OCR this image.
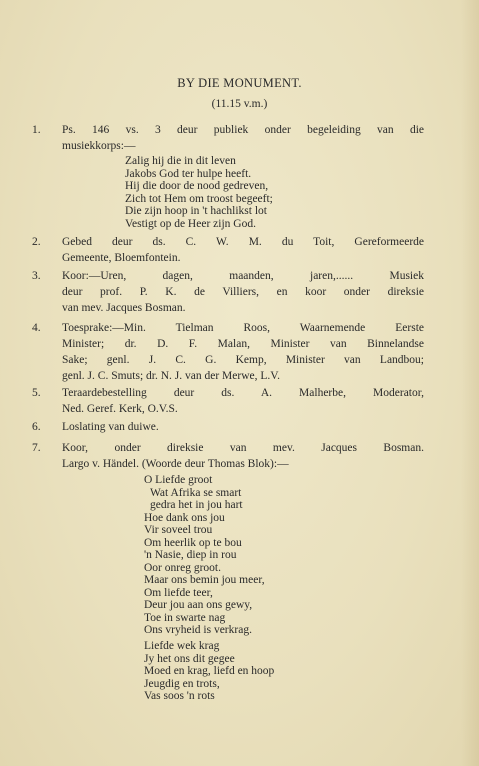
BY DIE MONUMENT.
(11.15 v.m.)
1.	Ps. 146 vs. 3 deur publiek onder begeleiding van die
musiekkorps:—
Zalig hij die in dit leven
Jakobs God ter hulpe heeft.
Hij die door de nood gedreven,
Zich tot Hem om troost begeeft;
Die zijn hoop in 't hachlikst lot
Vestigt op de Heer zijn God.
2.	Gebed deur ds. C. W. M. du Toit, Gereformeerde
Gemeente, Bloemfontein.
3.	Koor:—Uren, dagen, maanden, jaren,...... Musiek
deur prof. P. K. de Villiers, en koor onder direksie
van mev. Jacques Bosman.
4.	Toesprake:—Min. Tielman Roos, Waarnemende Eerste
Minister; dr. D. F. Malan, Minister van Binnelandse
Sake; genl. J. C. G. Kemp, Minister van Landbou;
genl. J. C. Smuts; dr. N. J. van der Merwe, L.V.
5.	Teraardebestelling deur ds. A. Malherbe, Moderator,
Ned. Geref. Kerk, O.V.S.
6.	Loslating van duiwe.
7.	Koor, onder direksie van mev. Jacques Bosman.
Largo v. Händel. (Woorde deur Thomas Blok):—
O Liefde groot
Wat Afrika se smart
gedra het in jou hart
Hoe dank ons jou
Vir soveel trou
Om heerlik op te bou
'n Nasie, diep in rou
Oor onreg groot.
Maar ons bemin jou meer,
Om liefde teer,
Deur jou aan ons gewy,
Toe in swarte nag
Ons vryheid is verkrag.
Liefde wek krag
Jy het ons dit gegee
Moed en krag, liefd en hoop
Jeugdig en trots,
Vas soos 'n rots
